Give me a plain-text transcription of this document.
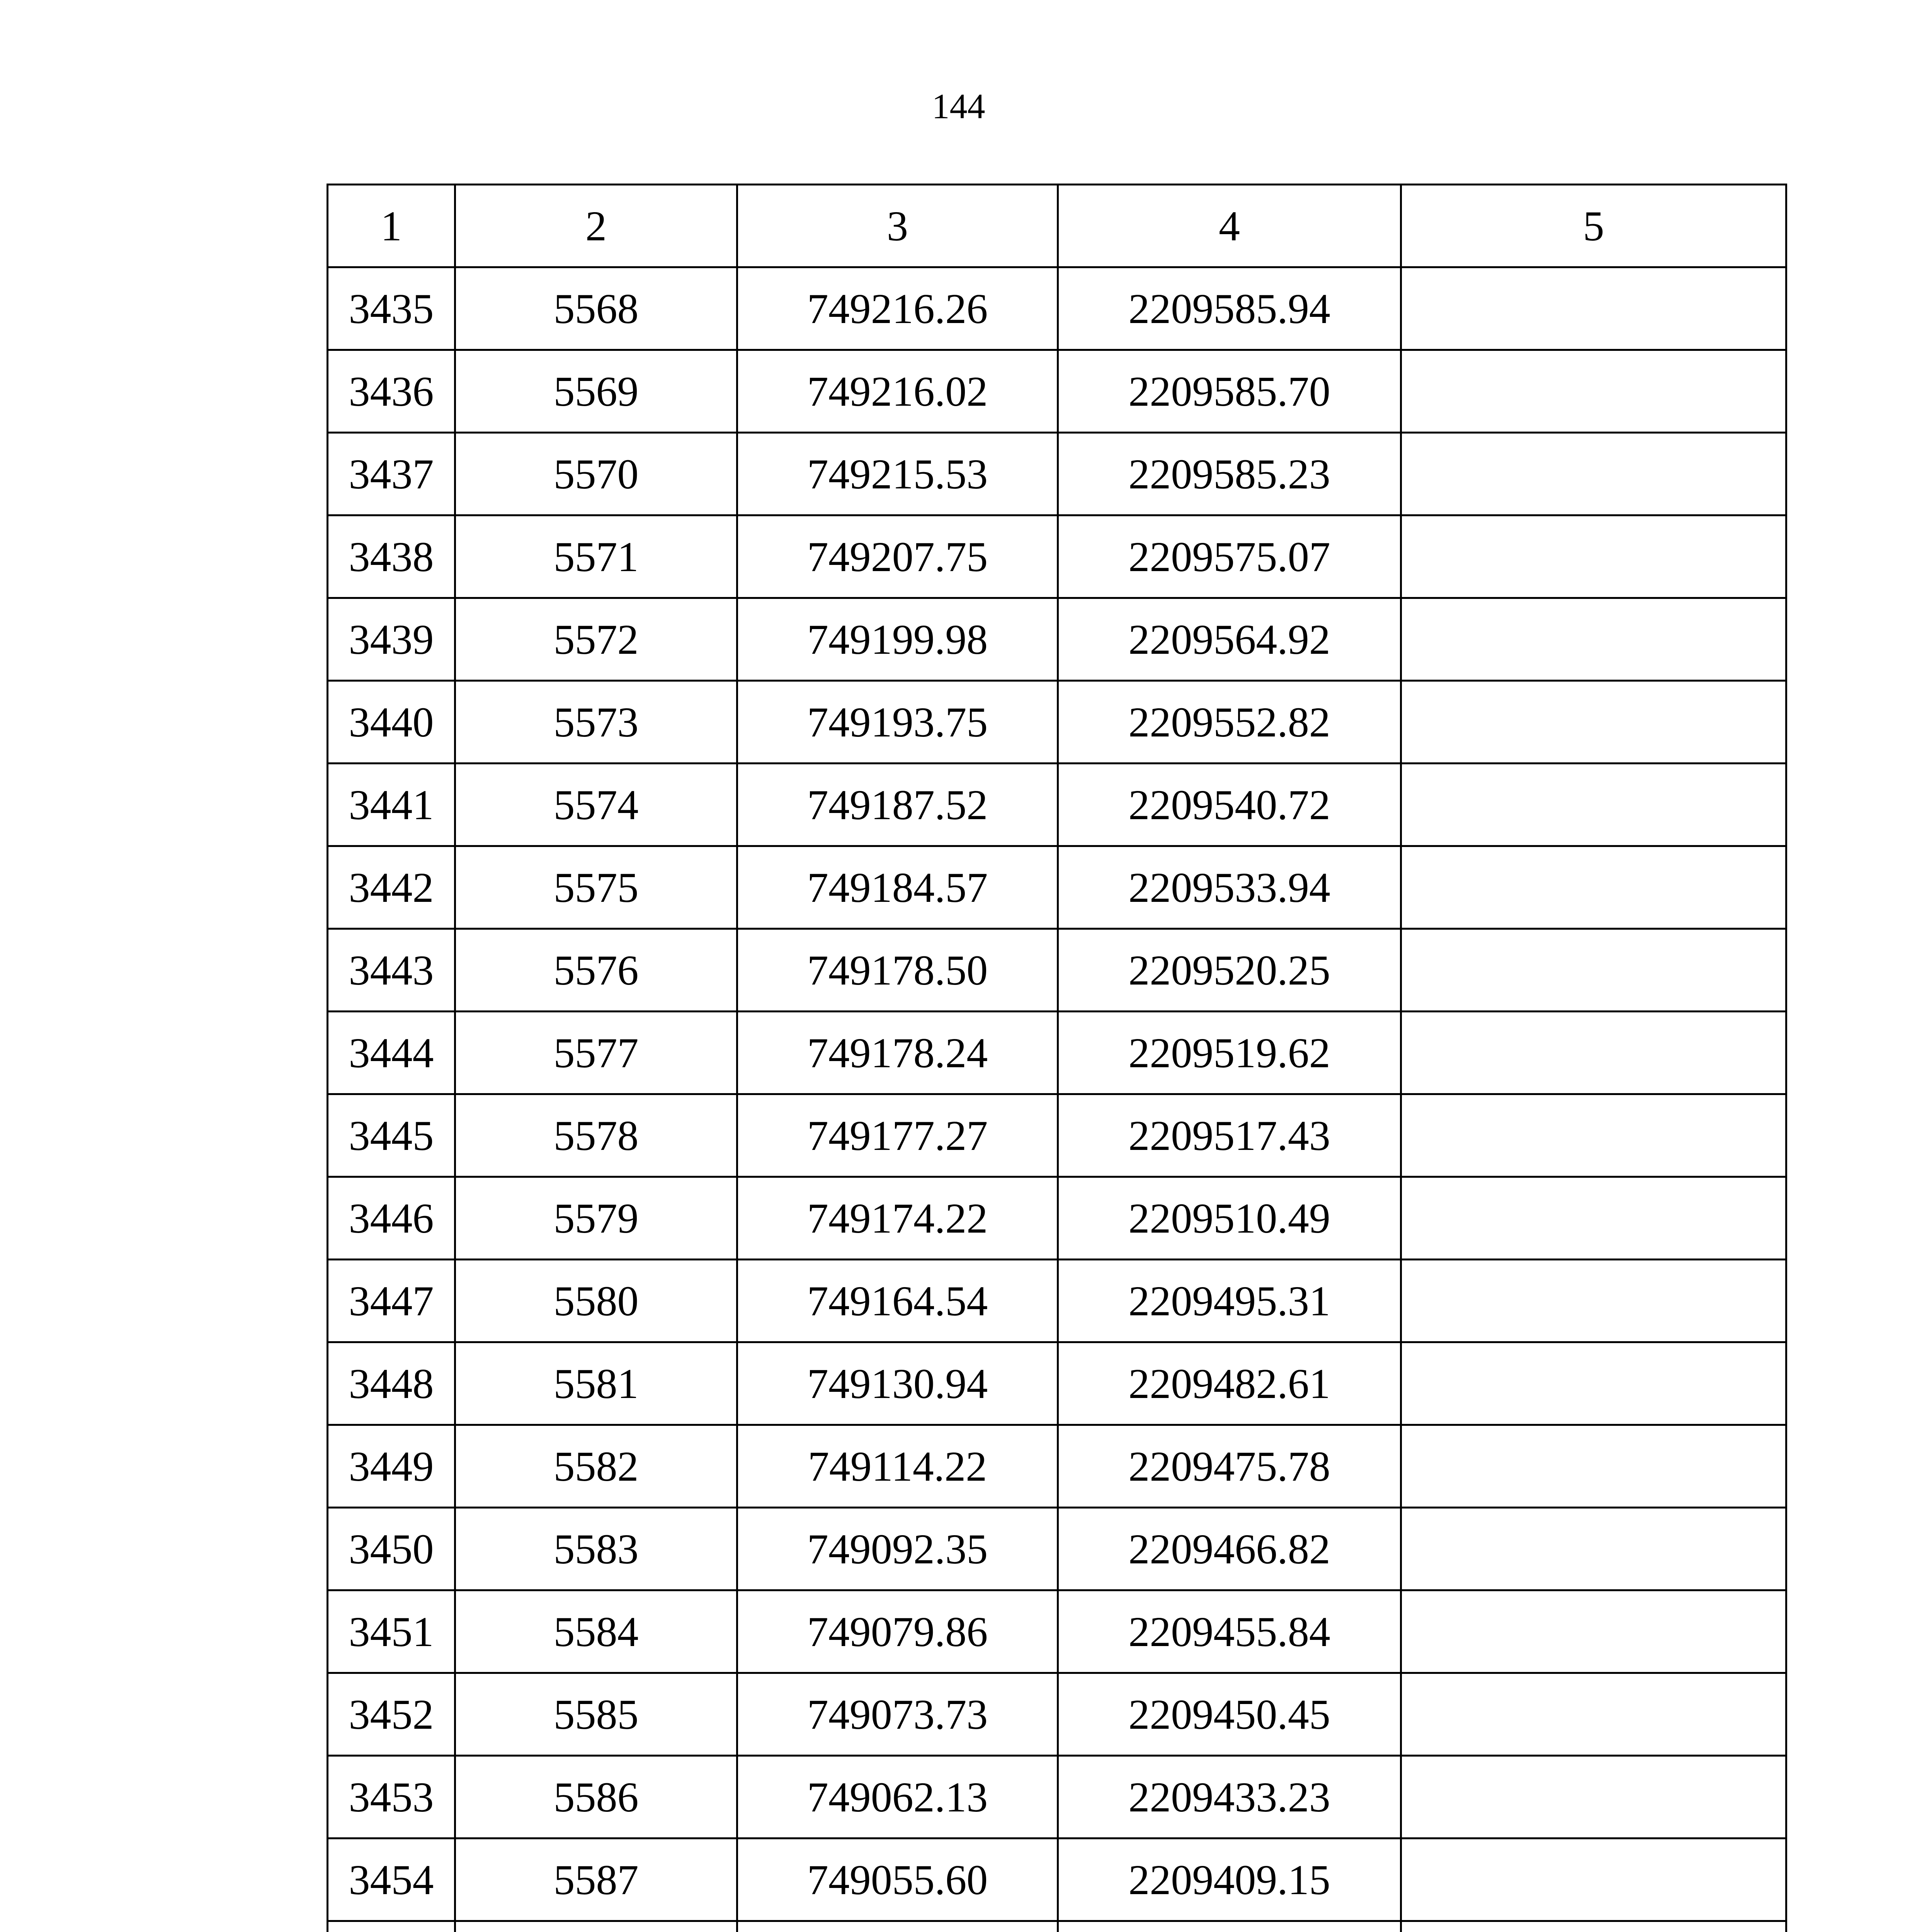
144
1	2	3	4	5
3435	5568	749216.26	2209585.94	
3436	5569	749216.02	2209585.70	
3437	5570	749215.53	2209585.23	
3438	5571	749207.75	2209575.07	
3439	5572	749199.98	2209564.92	
3440	5573	749193.75	2209552.82	
3441	5574	749187.52	2209540.72	
3442	5575	749184.57	2209533.94	
3443	5576	749178.50	2209520.25	
3444	5577	749178.24	2209519.62	
3445	5578	749177.27	2209517.43	
3446	5579	749174.22	2209510.49	
3447	5580	749164.54	2209495.31	
3448	5581	749130.94	2209482.61	
3449	5582	749114.22	2209475.78	
3450	5583	749092.35	2209466.82	
3451	5584	749079.86	2209455.84	
3452	5585	749073.73	2209450.45	
3453	5586	749062.13	2209433.23	
3454	5587	749055.60	2209409.15	
